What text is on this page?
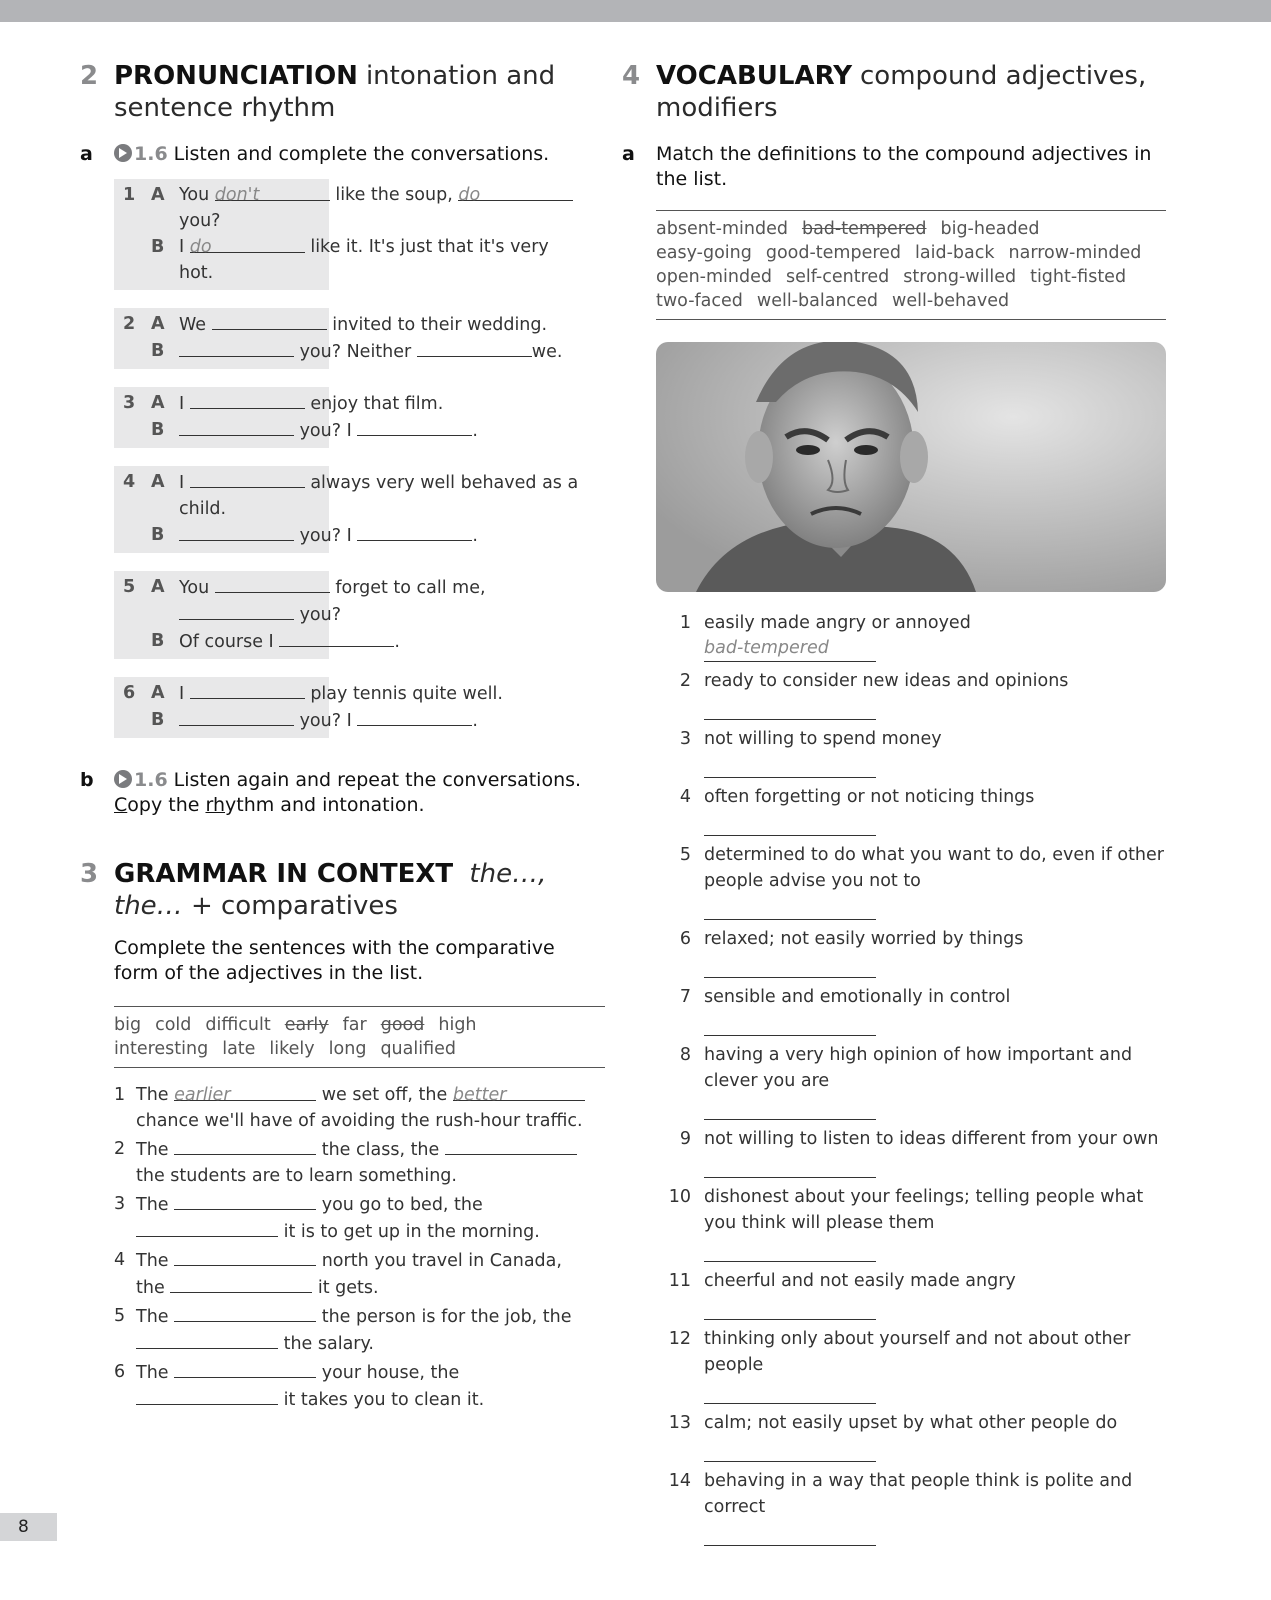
2 PRONUNCIATION intonation and sentence rhythm
a 1.6 Listen and complete the conversations.
1 A You don't	like the soup, do
you?
B I do	like it. It's just that it's very hot.
2 A We	invited to their wedding.
B	you? Neither	we.
3 A I	enjoy that film.
B	you? I	.
4 A I	always very well behaved as a
child.
B	you? I	.
5 A You	forget to call me,
you?
B Of course I	.
6 A I	play tennis quite well.
B	you? I	.
b 1.6 Listen again and repeat the conversations.
Copy the rhythm and intonation.
3 GRAMMAR IN CONTEXT the…,
the… + comparatives
Complete the sentences with the comparative form of the adjectives in the list.
big cold difficult early far good high
interesting late likely long qualified
1 The earlier	we set off, the better
chance we'll have of avoiding the rush-hour traffic.
2 The	the class, the
the students are to learn something.
3 The	you go to bed, the
it is to get up in the morning.
4 The	north you travel in Canada,
the	it gets.
5 The	the person is for the job, the
the salary.
6 The	your house, the
it takes you to clean it.
4 VOCABULARY compound adjectives, modifiers
a Match the definitions to the compound adjectives in the list.
absent-minded bad-tempered big-headed
easy-going good-tempered laid-back narrow-minded
open-minded self-centred strong-willed tight-fisted
two-faced well-balanced well-behaved
1 easily made angry or annoyed
bad-tempered
2 ready to consider new ideas and opinions
3 not willing to spend money
4 often forgetting or not noticing things
5 determined to do what you want to do, even if other people advise you not to
6 relaxed; not easily worried by things
7 sensible and emotionally in control
8 having a very high opinion of how important and clever you are
9 not willing to listen to ideas different from your own
10 dishonest about your feelings; telling people what you think will please them
11 cheerful and not easily made angry
12 thinking only about yourself and not about other people
13 calm; not easily upset by what other people do
14 behaving in a way that people think is polite and correct
8
